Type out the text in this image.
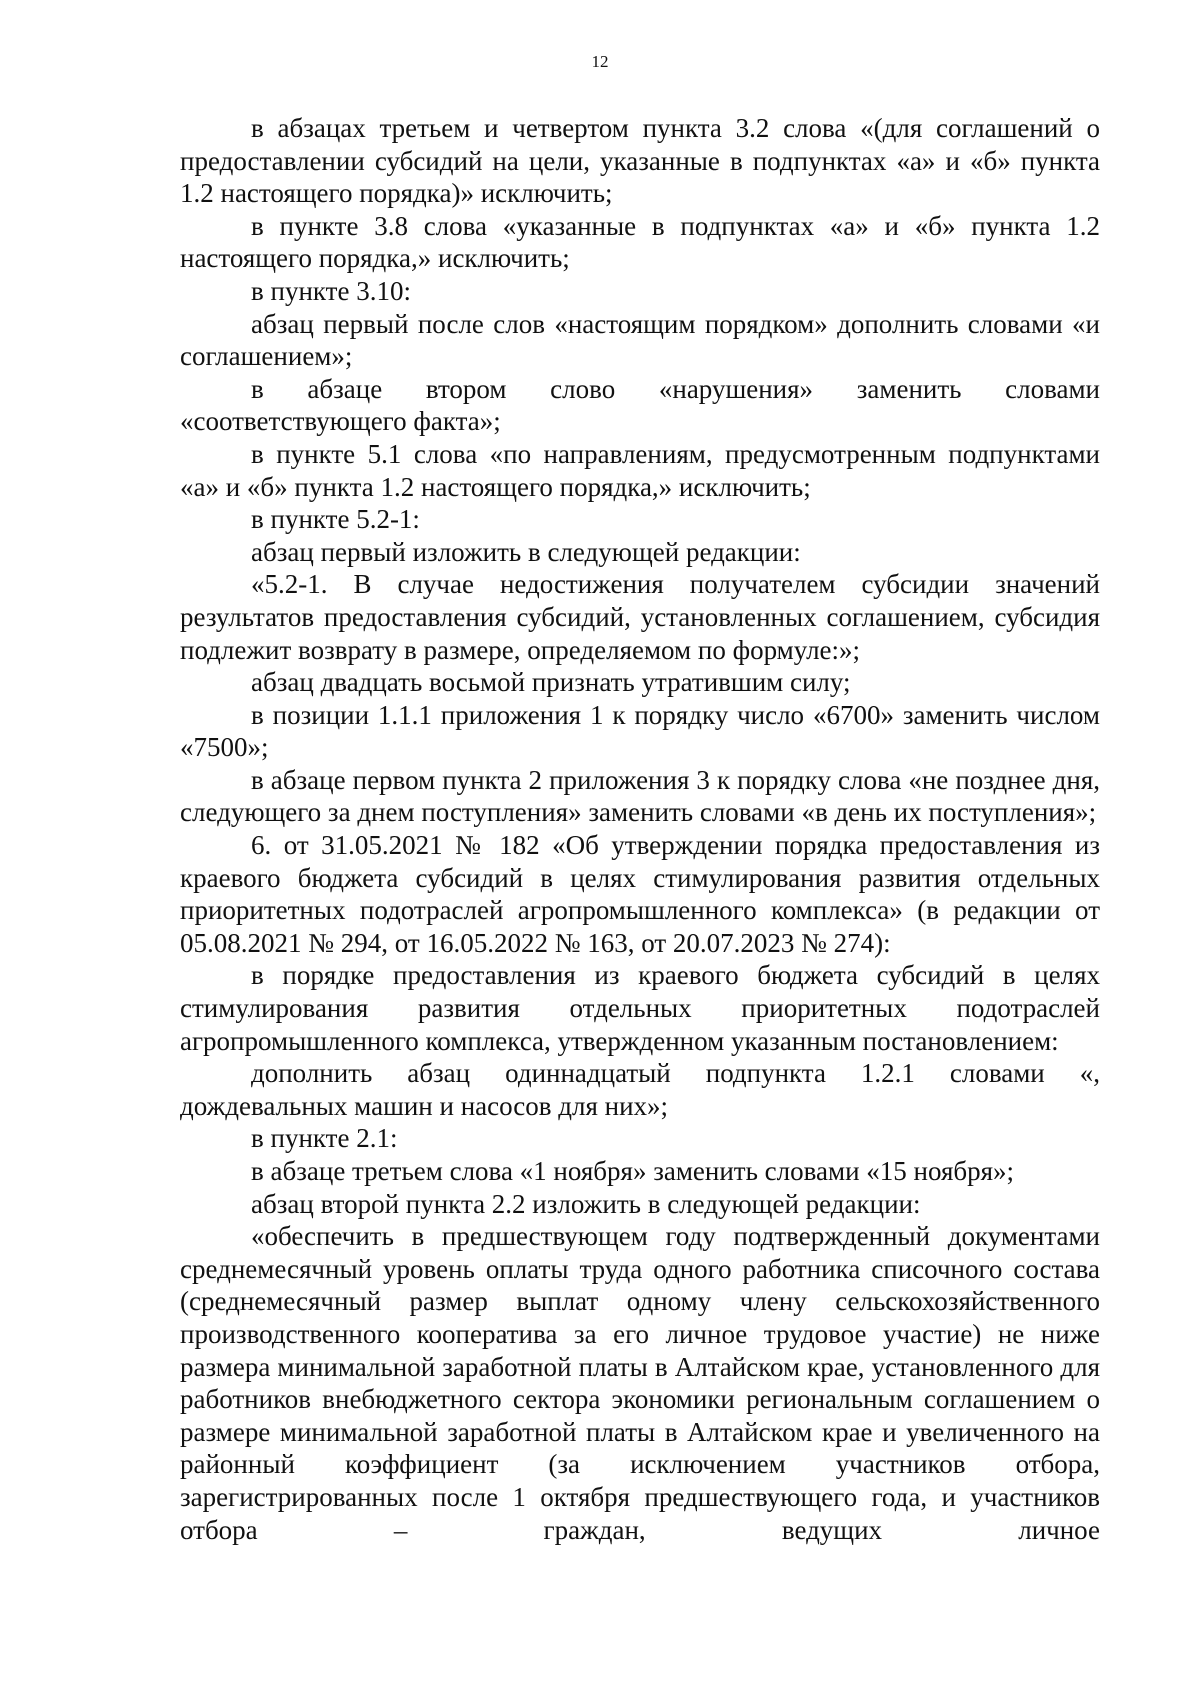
12

в абзацах третьем и четвертом пункта 3.2 слова «(для соглашений о предоставлении субсидий на цели, указанные в подпунктах «а» и «б» пункта 1.2 настоящего порядка)» исключить;

в пункте 3.8 слова «указанные в подпунктах «а» и «б» пункта 1.2 настоящего порядка,» исключить;

в пункте 3.10:

абзац первый после слов «настоящим порядком» дополнить словами «и соглашением»;

в абзаце втором слово «нарушения» заменить словами «соответствующего факта»;

в пункте 5.1 слова «по направлениям, предусмотренным подпунктами «а» и «б» пункта 1.2 настоящего порядка,» исключить;

в пункте 5.2-1:

абзац первый изложить в следующей редакции:

«5.2-1. В случае недостижения получателем субсидии значений результатов предоставления субсидий, установленных соглашением, субсидия подлежит возврату в размере, определяемом по формуле:»;

абзац двадцать восьмой признать утратившим силу;

в позиции 1.1.1 приложения 1 к порядку число «6700» заменить числом «7500»;

в абзаце первом пункта 2 приложения 3 к порядку слова «не позднее дня, следующего за днем поступления» заменить словами «в день их поступления»;

6. от 31.05.2021 № 182 «Об утверждении порядка предоставления из краевого бюджета субсидий в целях стимулирования развития отдельных приоритетных подотраслей агропромышленного комплекса» (в редакции от 05.08.2021 № 294, от 16.05.2022 № 163, от 20.07.2023 № 274):

в порядке предоставления из краевого бюджета субсидий в целях стимулирования развития отдельных приоритетных подотраслей агропромышленного комплекса, утвержденном указанным постановлением:

дополнить абзац одиннадцатый подпункта 1.2.1 словами «, дождевальных машин и насосов для них»;

в пункте 2.1:

в абзаце третьем слова «1 ноября» заменить словами «15 ноября»;

абзац второй пункта 2.2 изложить в следующей редакции:

«обеспечить в предшествующем году подтвержденный документами среднемесячный уровень оплаты труда одного работника списочного состава (среднемесячный размер выплат одному члену сельскохозяйственного производственного кооператива за его личное трудовое участие) не ниже размера минимальной заработной платы в Алтайском крае, установленного для работников внебюджетного сектора экономики региональным соглашением о размере минимальной заработной платы в Алтайском крае и увеличенного на районный коэффициент (за исключением участников отбора, зарегистрированных после 1 октября предшествующего года, и участников отбора – граждан, ведущих личное
